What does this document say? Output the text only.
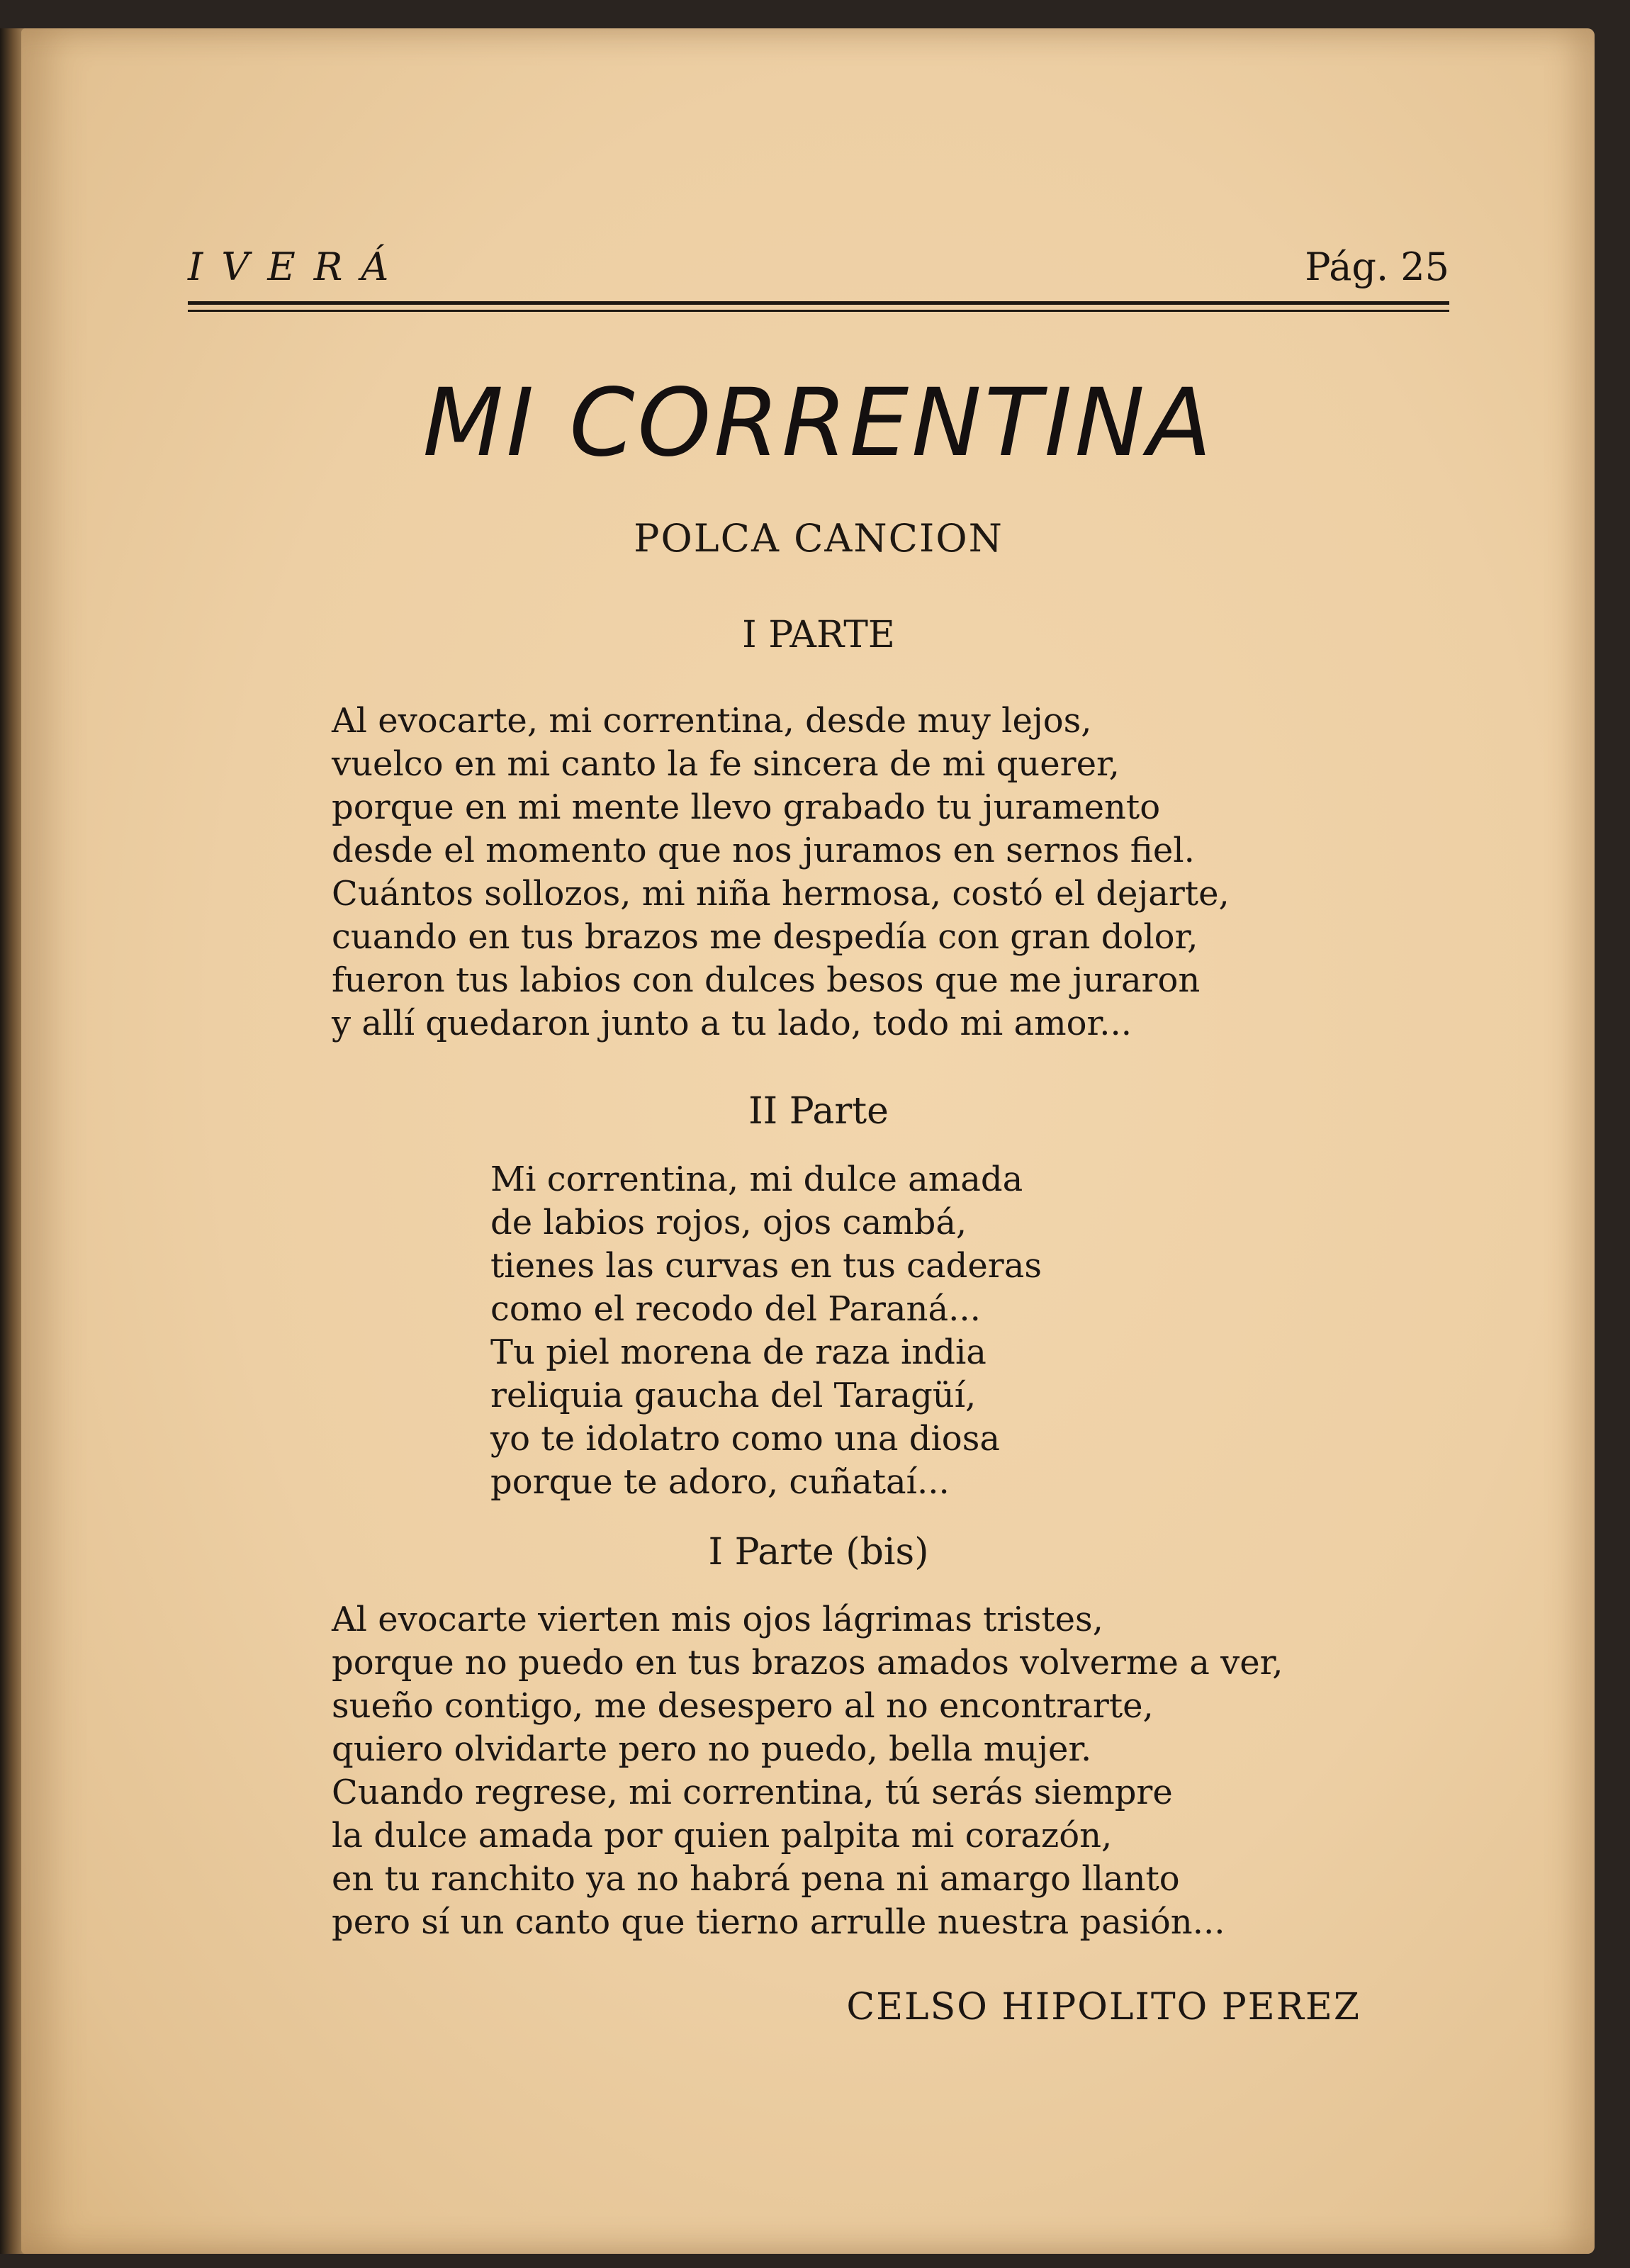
IVERÁ	Pág. 25
MI CORRENTINA
POLCA CANCION
I PARTE
Al evocarte, mi correntina, desde muy lejos,
vuelco en mi canto la fe sincera de mi querer,
porque en mi mente llevo grabado tu juramento
desde el momento que nos juramos en sernos fiel.
Cuántos sollozos, mi niña hermosa, costó el dejarte,
cuando en tus brazos me despedía con gran dolor,
fueron tus labios con dulces besos que me juraron
y allí quedaron junto a tu lado, todo mi amor...
II Parte
Mi correntina, mi dulce amada
de labios rojos, ojos cambá,
tienes las curvas en tus caderas
como el recodo del Paraná...
Tu piel morena de raza india
reliquia gaucha del Taragüí,
yo te idolatro como una diosa
porque te adoro, cuñataí...
I Parte (bis)
Al evocarte vierten mis ojos lágrimas tristes,
porque no puedo en tus brazos amados volverme a ver,
sueño contigo, me desespero al no encontrarte,
quiero olvidarte pero no puedo, bella mujer.
Cuando regrese, mi correntina, tú serás siempre
la dulce amada por quien palpita mi corazón,
en tu ranchito ya no habrá pena ni amargo llanto
pero sí un canto que tierno arrulle nuestra pasión...
CELSO HIPOLITO PEREZ
